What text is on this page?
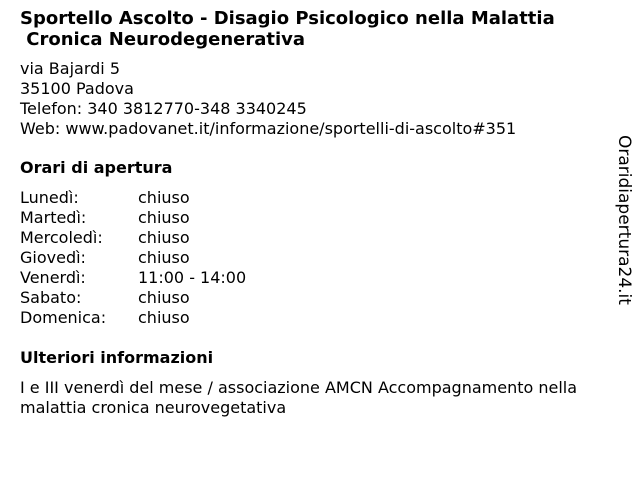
Sportello Ascolto - Disagio Psicologico nella Malattia
Cronica Neurodegenerativa
via Bajardi 5
35100 Padova
Telefon: 340 3812770-348 3340245
Web: www.padovanet.it/informazione/sportelli-di-ascolto#351
Orari di apertura
Lunedì:	chiuso
Martedì:	chiuso
Mercoledì:	chiuso
Giovedì:	chiuso
Venerdì:	11:00 - 14:00
Sabato:	chiuso
Domenica:	chiuso
Ulteriori informazioni
I e III venerdì del mese / associazione AMCN Accompagnamento nella malattia cronica neurovegetativa
Oraridiapertura24.it
